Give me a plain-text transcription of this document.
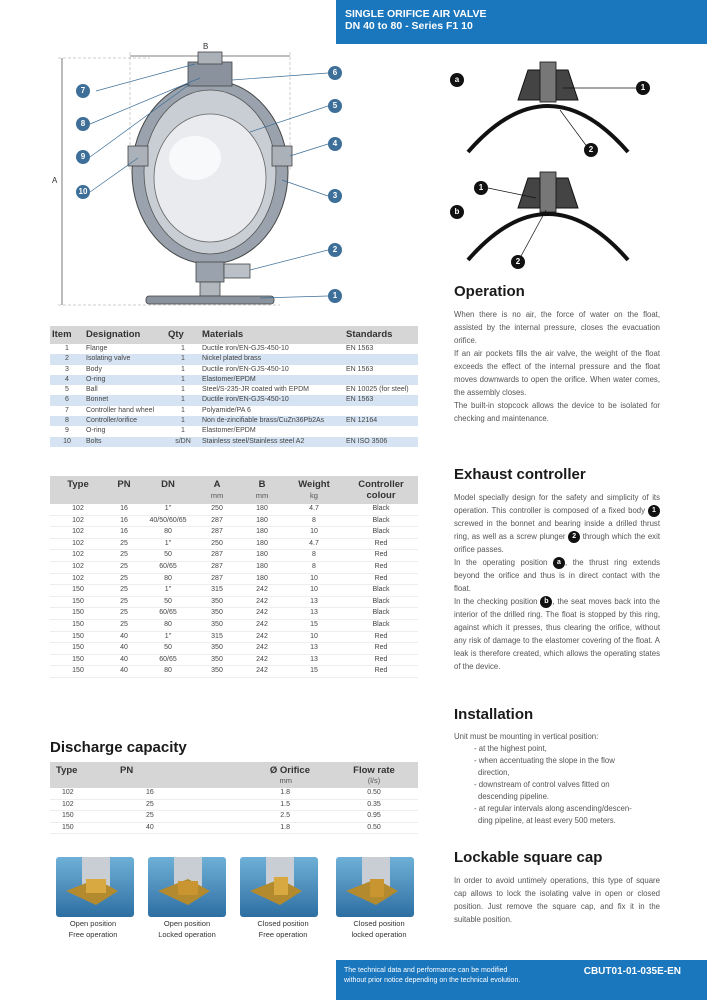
SINGLE ORIFICE AIR VALVE
DN 40 to 80 - Series F1 10
B
A
7
8
9
10
6
5
4
3
2
1
a
1
2
1
b
2
Item	Designation	Qty	Materials	Standards
1	Flange	1	Ductile iron/EN-GJS-450-10	EN 1563
2	Isolating valve	1	Nickel plated brass	
3	Body	1	Ductile iron/EN-GJS-450-10	EN 1563
4	O-ring	1	Elastomer/EPDM	
5	Ball	1	Steel/S-235-JR coated with EPDM	EN 10025 (for steel)
6	Bonnet	1	Ductile iron/EN-GJS-450-10	EN 1563
7	Controller hand wheel	1	Polyamide/PA 6	
8	Controller/orifice	1	Non de-zincifiable brass/CuZn36Pb2As	EN 12164
9	O-ring	1	Elastomer/EPDM	
10	Bolts	s/DN	Stainless steel/Stainless steel A2	EN ISO 3506
Type	PN	DN	A	B	Weight	Controller
			mm	mm	kg	colour
102	16	1"	250	180	4.7	Black
102	16	40/50/60/65	287	180	8	Black
102	16	80	287	180	10	Black
102	25	1"	250	180	4.7	Red
102	25	50	287	180	8	Red
102	25	60/65	287	180	8	Red
102	25	80	287	180	10	Red
150	25	1"	315	242	10	Black
150	25	50	350	242	13	Black
150	25	60/65	350	242	13	Black
150	25	80	350	242	15	Black
150	40	1"	315	242	10	Red
150	40	50	350	242	13	Red
150	40	60/65	350	242	13	Red
150	40	80	350	242	15	Red
Discharge capacity
Type	PN	Ø Orifice	Flow rate
		mm	(l/s)
102	16	1.8	0.50
102	25	1.5	0.35
150	25	2.5	0.95
150	40	1.8	0.50
Open position
Free operation
Open position
Locked operation
Closed position
Free operation
Closed position
locked operation
Operation

When there is no air, the force of water on the float, assisted by the internal pressure, closes the evacuation orifice.

If an air pockets fills the air valve, the weight of the float exceeds the effect of the internal pressure and the float moves downwards to open the orifice. When water comes, the assembly closes.

The built-in stopcock allows the device to be isolated for checking and maintenance.

Exhaust controller
Model specially design for the safety and simplicity of its operation. This controller is composed of a fixed body 1 screwed in the bonnet and bearing inside a drilled thrust ring, as well as a screw plunger 2 through which the exit orifice passes.
In the operating position a , the thrust ring extends beyond the orifice and thus is in direct contact with the float.
In the checking position b , the seat moves back into the interior of the drilled ring. The float is stopped by this ring, against which it presses, thus clearing the orifice, without any risk of damage to the elastomer covering of the float. A leak is therefore created, which allows the operating states of the device.
Installation
Unit must be mounting in vertical position:
- at the highest point,
- when accentuating the slope in the flow
direction,
- downstream of control valves fitted on
descending pipeline.
- at regular intervals along ascending/descen-
ding pipeline, at least every 500 meters.
Lockable square cap
In order to avoid untimely operations, this type of square cap allows to lock the isolating valve in open or closed position. Just remove the square cap, and fix it in the suitable position.
The technical data and performance can be modified
without prior notice depending on the technical evolution.
CBUT01-01-035E-EN
